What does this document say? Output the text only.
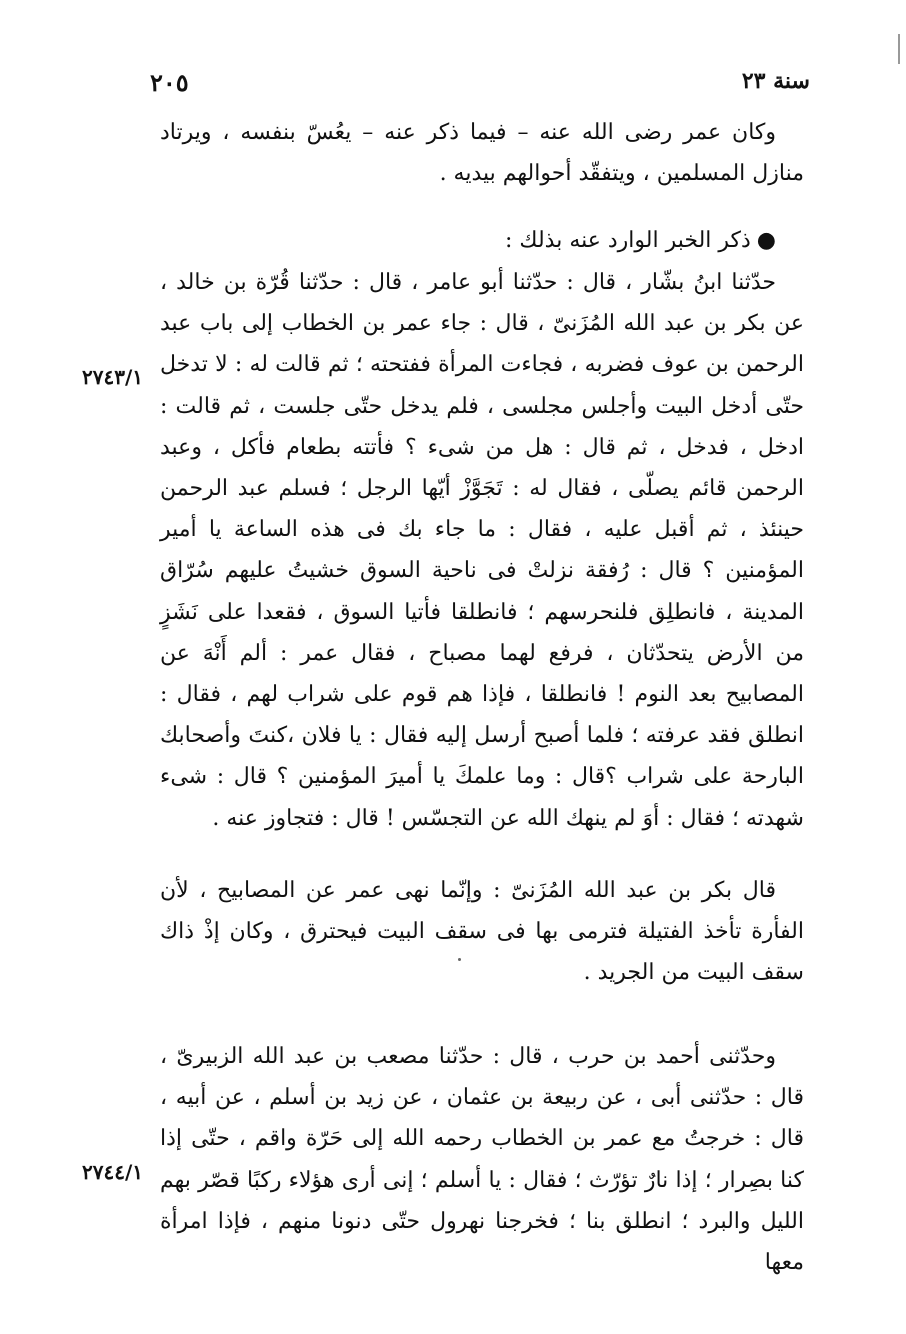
سنة ٢٣
٢٠٥

وكان عمر رضى الله عنه – فيما ذكر عنه – يعُسّ بنفسه ، ويرتاد منازل المسلمين ، ويتفقّد أحوالهم بيديه .

●ذكر الخبر الوارد عنه بذلك :

حدّثنا ابنُ بشّار ، قال : حدّثنا أبو عامر ، قال : حدّثنا قُرّة بن خالد ، عن بكر بن عبد الله المُزَنىّ ، قال : جاء عمر بن الخطاب إلى باب عبد الرحمن بن عوف فضربه ، فجاءت المرأة ففتحته ؛ ثم قالت له : لا تدخل حتّى أدخل البيت وأجلس مجلسى ، فلم يدخل حتّى جلست ، ثم قالت : ادخل ، فدخل ، ثم قال : هل من شىء ؟ فأتته بطعام فأكل ، وعبد الرحمن قائم يصلّى ، فقال له : تَجَوَّزْ أيّها الرجل ؛ فسلم عبد الرحمن حينئذ ، ثم أقبل عليه ، فقال : ما جاء بك فى هذه الساعة يا أمير المؤمنين ؟ قال : رُفقة نزلتْ فى ناحية السوق خشيتُ عليهم سُرّاق المدينة ، فانطلِق فلنحرسهم ؛ فانطلقا فأتيا السوق ، فقعدا على نَشَزٍ من الأرض يتحدّثان ، فرفع لهما مصباح ، فقال عمر : ألم أَنْهَ عن المصابيح بعد النوم ! فانطلقا ، فإذا هم قوم على شراب لهم ، فقال : انطلق فقد عرفته ؛ فلما أصبح أرسل إليه فقال : يا فلان ،كنتَ وأصحابك البارحة على شراب ؟قال : وما علمكَ يا أميرَ المؤمنين ؟ قال : شىء شهدته ؛ فقال : أوَ لم ينهك الله عن التجسّس ! قال : فتجاوز عنه .

٢٧٤٣/١

قال بكر بن عبد الله المُزَنىّ : وإنّما نهى عمر عن المصابيح ، لأن الفأرة تأخذ الفتيلة فترمى بها فى سقف البيت فيحترق ، وكان إذْ ذاك سقف البيت من الجريد .

وحدّثنى أحمد بن حرب ، قال : حدّثنا مصعب بن عبد الله الزبيرىّ ، قال : حدّثنى أبى ، عن ربيعة بن عثمان ، عن زيد بن أسلم ، عن أبيه ، قال : خرجتُ مع عمر بن الخطاب رحمه الله إلى حَرّة واقم ، حتّى إذا كنا بصِرار ؛ إذا نارٌ تؤرّث ؛ فقال : يا أسلم ؛ إنى أرى هؤلاء ركبًا قصّر بهم الليل والبرد ؛ انطلق بنا ؛ فخرجنا نهرول حتّى دنونا منهم ، فإذا امرأة معها

٢٧٤٤/١
